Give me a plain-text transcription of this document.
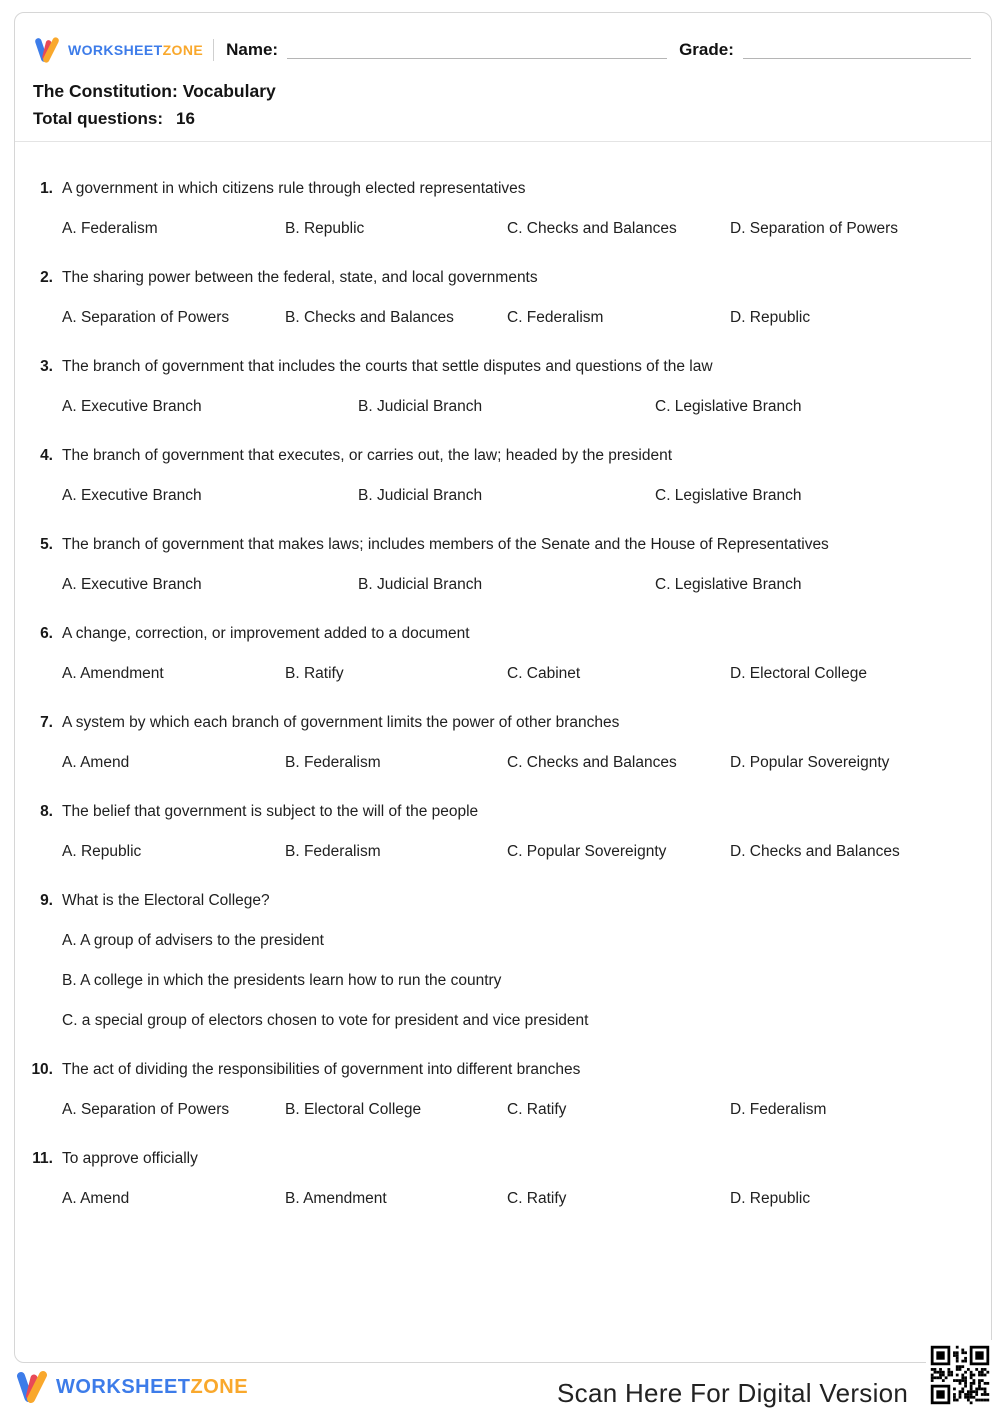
WORKSHEETZONE Name:	Grade:
The Constitution: Vocabulary
Total questions: 16
1. A government in which citizens rule through elected representatives
A. Federalism	B. Republic	C. Checks and Balances	D. Separation of Powers
2. The sharing power between the federal, state, and local governments
A. Separation of Powers	B. Checks and Balances	C. Federalism	D. Republic
3. The branch of government that includes the courts that settle disputes and questions of the law
A. Executive Branch	B. Judicial Branch	C. Legislative Branch
4. The branch of government that executes, or carries out, the law; headed by the president
A. Executive Branch	B. Judicial Branch	C. Legislative Branch
5. The branch of government that makes laws; includes members of the Senate and the House of Representatives
A. Executive Branch	B. Judicial Branch	C. Legislative Branch
6. A change, correction, or improvement added to a document
A. Amendment	B. Ratify	C. Cabinet	D. Electoral College
7. A system by which each branch of government limits the power of other branches
A. Amend	B. Federalism	C. Checks and Balances	D. Popular Sovereignty
8. The belief that government is subject to the will of the people
A. Republic	B. Federalism	C. Popular Sovereignty	D. Checks and Balances
9. What is the Electoral College?
A. A group of advisers to the president
B. A college in which the presidents learn how to run the country
C. a special group of electors chosen to vote for president and vice president
10. The act of dividing the responsibilities of government into different branches
A. Separation of Powers	B. Electoral College	C. Ratify	D. Federalism
11. To approve officially
A. Amend	B. Amendment	C. Ratify	D. Republic
WORKSHEETZONE	Scan Here For Digital Version
